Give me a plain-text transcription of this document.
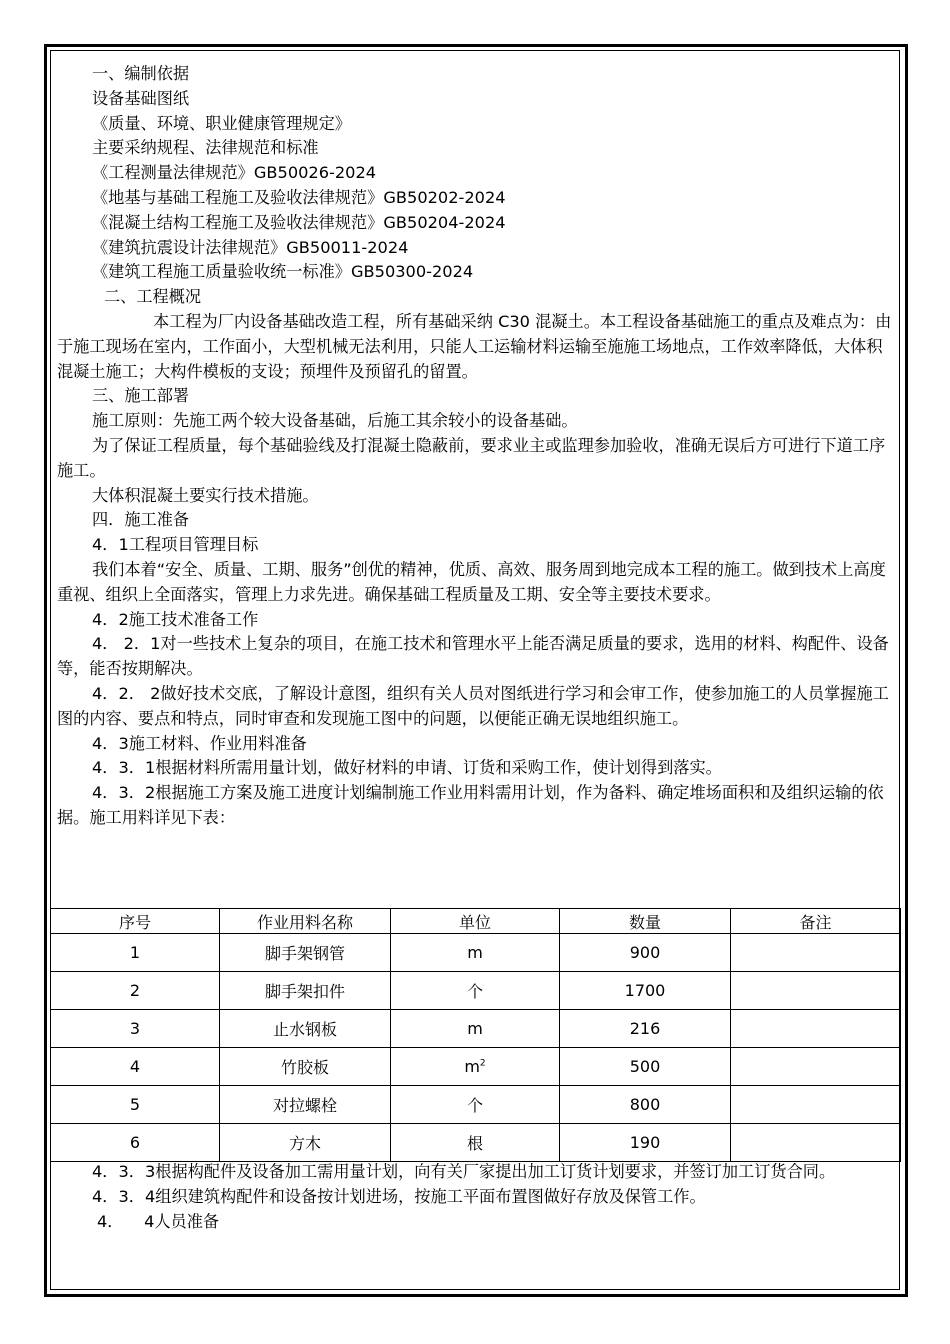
一、编制依据

设备基础图纸

《质量、环境、职业健康管理规定》

主要采纳规程、法律规范和标准

《工程测量法律规范》GB50026-2024

《地基与基础工程施工及验收法律规范》GB50202-2024

《混凝土结构工程施工及验收法律规范》GB50204-2024

《建筑抗震设计法律规范》GB50011-2024

《建筑工程施工质量验收统一标准》GB50300-2024

二、工程概况

本工程为厂内设备基础改造工程，所有基础采纳 C30 混凝土。本工程设备基础施工的重点及难点为：由于施工现场在室内，工作面小，大型机械无法利用，只能人工运输材料运输至施施工场地点，工作效率降低，大体积混凝土施工；大构件模板的支设；预埋件及预留孔的留置。

三、施工部署

施工原则：先施工两个较大设备基础，后施工其余较小的设备基础。

为了保证工程质量，每个基础验线及打混凝土隐蔽前，要求业主或监理参加验收，准确无误后方可进行下道工序施工。

大体积混凝土要实行技术措施。

四．施工准备

4．1工程项目管理目标

我们本着“安全、质量、工期、服务”创优的精神，优质、高效、服务周到地完成本工程的施工。做到技术上高度重视、组织上全面落实，管理上力求先进。确保基础工程质量及工期、安全等主要技术要求。

4．2施工技术准备工作

4． 2．1对一些技术上复杂的项目，在施工技术和管理水平上能否满足质量的要求，选用的材料、构配件、设备等，能否按期解决。

4．2． 2做好技术交底，了解设计意图，组织有关人员对图纸进行学习和会审工作，使参加施工的人员掌握施工图的内容、要点和特点，同时审查和发现施工图中的问题，以便能正确无误地组织施工。

4．3施工材料、作业用料准备

4．3．1根据材料所需用量计划，做好材料的申请、订货和采购工作，使计划得到落实。

4．3．2根据施工方案及施工进度计划编制施工作业用料需用计划，作为备料、确定堆场面积和及组织运输的依据。施工用料详见下表：

序号	作业用料名称	单位	数量	备注
1	脚手架钢管	m	900	
2	脚手架扣件	个	1700	
3	止水钢板	m	216	
4	竹胶板	$m^2$	500	
5	对拉螺栓	个	800	
6	方木	根	190	

4．3．3根据构配件及设备加工需用量计划，向有关厂家提出加工订货计划要求，并签订加工订货合同。

4．3．4组织建筑构配件和设备按计划进场，按施工平面布置图做好存放及保管工作。

4．    4人员准备
